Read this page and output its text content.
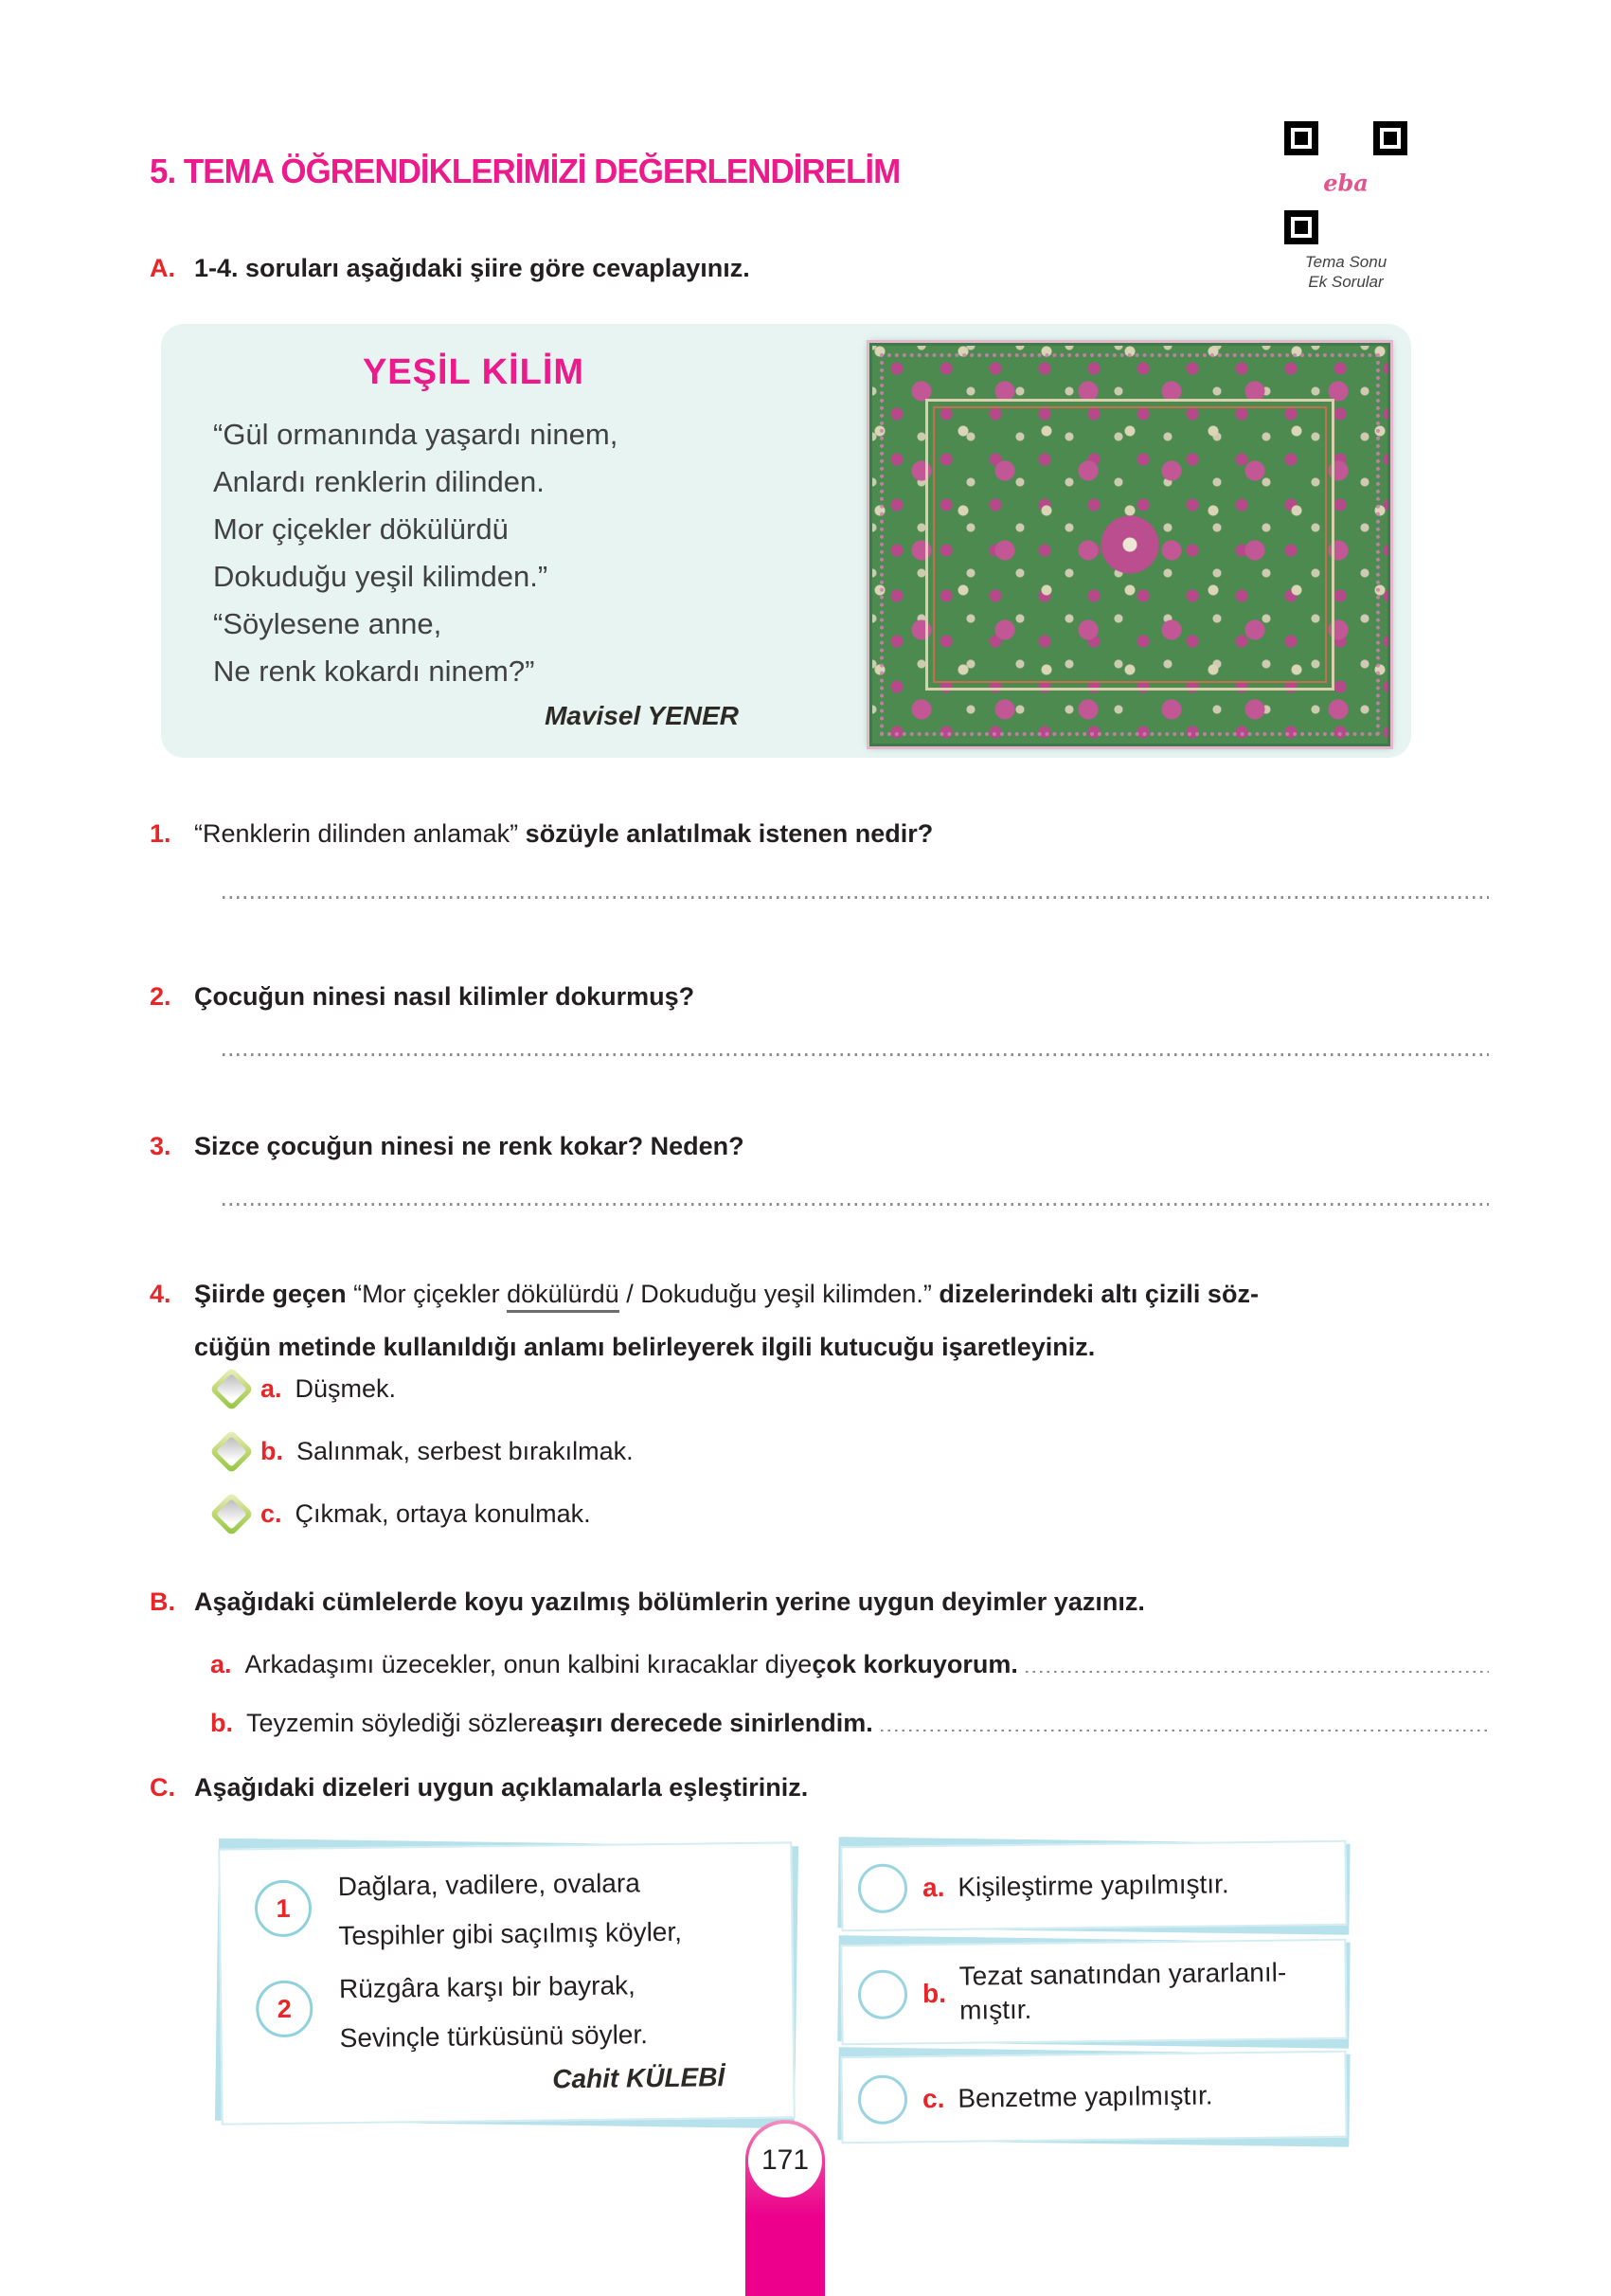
5. TEMA ÖĞRENDİKLERİMİZİ DEĞERLENDİRELİM	eba
Tema Sonu
Ek Sorular
A. 1-4. soruları aşağıdaki şiire göre cevaplayınız.
YEŞİL KİLİM
“Gül ormanında yaşardı ninem,
Anlardı renklerin dilinden.
Mor çiçekler dökülürdü
Dokuduğu yeşil kilimden.”
“Söylesene anne,
Ne renk kokardı ninem?”
Mavisel YENER
1. “Renklerin dilinden anlamak” sözüyle anlatılmak istenen nedir?
2. Çocuğun ninesi nasıl kilimler dokurmuş?
3. Sizce çocuğun ninesi ne renk kokar? Neden?
4. Şiirde geçen “Mor çiçekler dökülürdü / Dokuduğu yeşil kilimden.” dizelerindeki altı çizili söz-
cüğün metinde kullanıldığı anlamı belirleyerek ilgili kutucuğu işaretleyiniz.
a. Düşmek.
b. Salınmak, serbest bırakılmak.
c. Çıkmak, ortaya konulmak.
B. Aşağıdaki cümlelerde koyu yazılmış bölümlerin yerine uygun deyimler yazınız.
a. Arkadaşımı üzecekler, onun kalbini kıracaklar diye çok korkuyorum.
b. Teyzemin söylediği sözlere aşırı derecede sinirlendim.
C. Aşağıdaki dizeleri uygun açıklamalarla eşleştiriniz.
1
Dağlara, vadilere, ovalara
Tespihler gibi saçılmış köyler,
2
Rüzgâra karşı bir bayrak,
Sevinçle türküsünü söyler.
Cahit KÜLEBİ
a. Kişileştirme yapılmıştır.
b.
Tezat sanatından yararlanıl-
mıştır.
c. Benzetme yapılmıştır.
171
